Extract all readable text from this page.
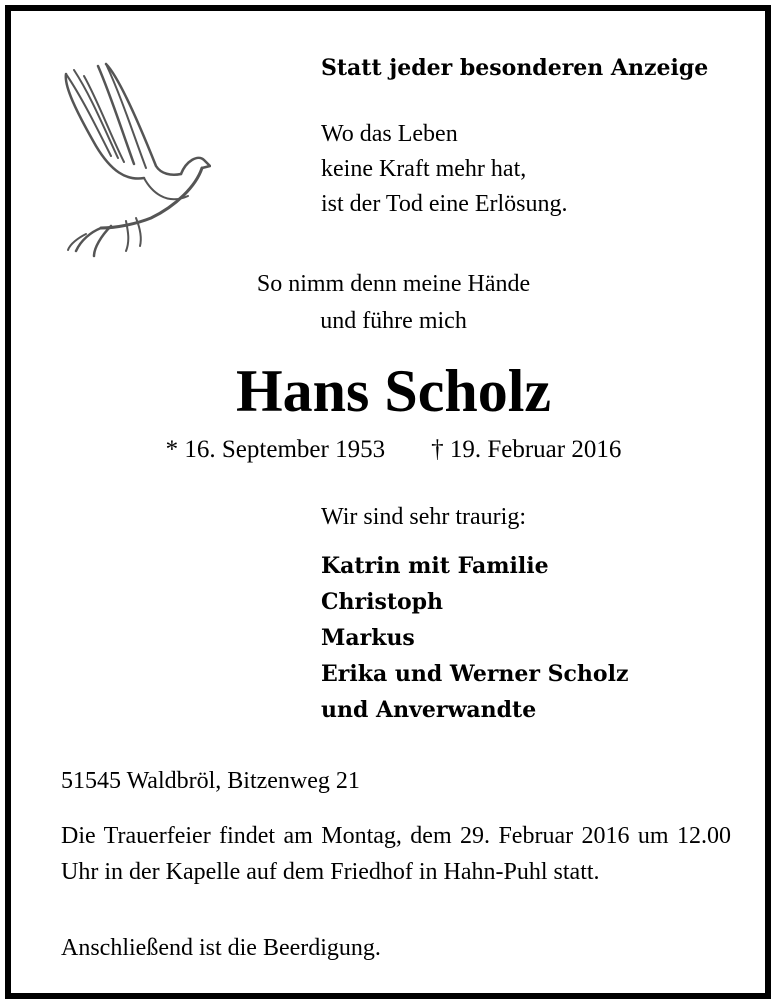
Statt jeder besonderen Anzeige

Wo das Leben
keine Kraft mehr hat,
ist der Tod eine Erlösung.
So nimm denn meine Hände
und führe mich
Hans Scholz
* 16. September 1953 † 19. Februar 2016

Wir sind sehr traurig:

Katrin mit Familie
Christoph
Markus
Erika und Werner Scholz
und Anverwandte

51545 Waldbröl, Bitzenweg 21

Die Trauerfeier findet am Montag, dem 29. Februar 2016 um 12.00 Uhr in der Kapelle auf dem Friedhof in Hahn-Puhl statt.

Anschließend ist die Beerdigung.
